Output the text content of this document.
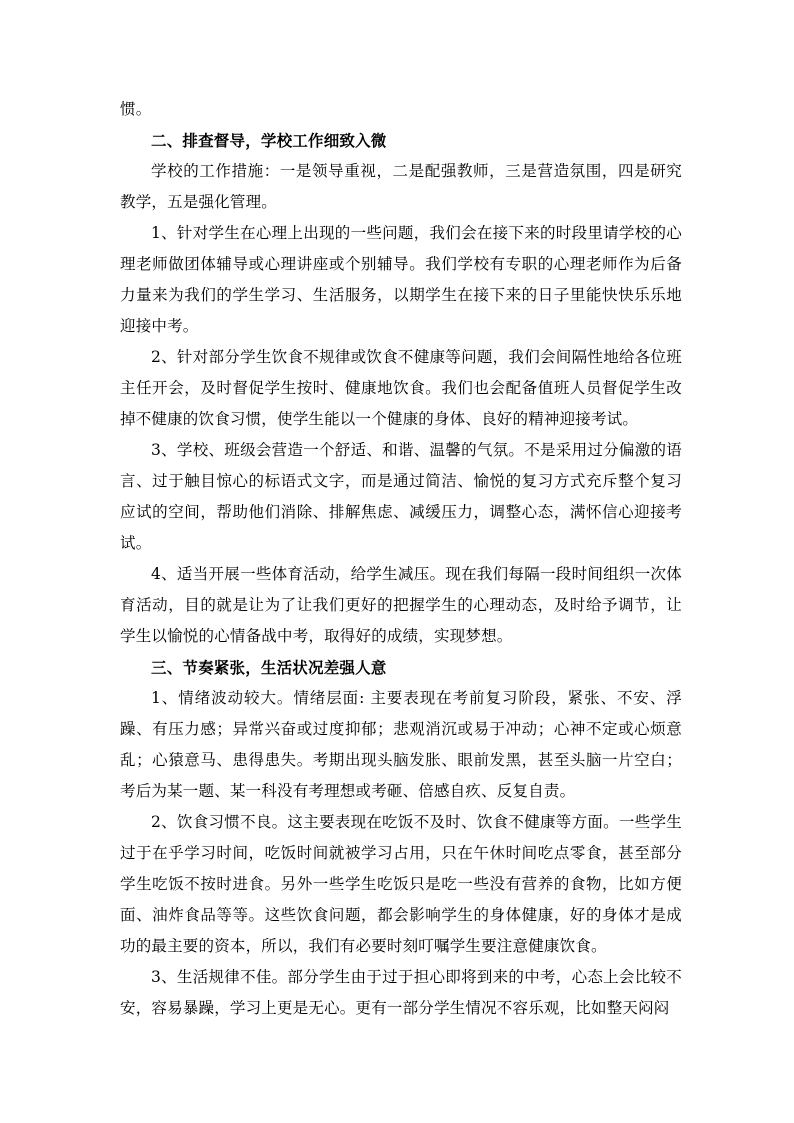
惯。

二、排查督导，学校工作细致入微

学校的工作措施：一是领导重视，二是配强教师，三是营造氛围，四是研究教学，五是强化管理。

1、针对学生在心理上出现的一些问题，我们会在接下来的时段里请学校的心理老师做团体辅导或心理讲座或个别辅导。我们学校有专职的心理老师作为后备力量来为我们的学生学习、生活服务，以期学生在接下来的日子里能快快乐乐地迎接中考。

2、针对部分学生饮食不规律或饮食不健康等问题，我们会间隔性地给各位班主任开会，及时督促学生按时、健康地饮食。我们也会配备值班人员督促学生改掉不健康的饮食习惯，使学生能以一个健康的身体、良好的精神迎接考试。

3、学校、班级会营造一个舒适、和谐、温馨的气氛。不是采用过分偏激的语言、过于触目惊心的标语式文字，而是通过简洁、愉悦的复习方式充斥整个复习应试的空间，帮助他们消除、排解焦虑、减缓压力，调整心态，满怀信心迎接考试。

4、适当开展一些体育活动，给学生减压。现在我们每隔一段时间组织一次体育活动，目的就是让为了让我们更好的把握学生的心理动态，及时给予调节，让学生以愉悦的心情备战中考，取得好的成绩，实现梦想。

三、节奏紧张，生活状况差强人意

1、情绪波动较大。情绪层面: 主要表现在考前复习阶段，紧张、不安、浮躁、有压力感；异常兴奋或过度抑郁；悲观消沉或易于冲动；心神不定或心烦意乱；心猿意马、患得患失。考期出现头脑发胀、眼前发黑，甚至头脑一片空白；考后为某一题、某一科没有考理想或考砸、倍感自疚、反复自责。

2、饮食习惯不良。这主要表现在吃饭不及时、饮食不健康等方面。一些学生过于在乎学习时间，吃饭时间就被学习占用，只在午休时间吃点零食，甚至部分学生吃饭不按时进食。另外一些学生吃饭只是吃一些没有营养的食物，比如方便面、油炸食品等等。这些饮食问题，都会影响学生的身体健康，好的身体才是成功的最主要的资本，所以，我们有必要时刻叮嘱学生要注意健康饮食。

3、生活规律不佳。部分学生由于过于担心即将到来的中考，心态上会比较不安，容易暴躁，学习上更是无心。更有一部分学生情况不容乐观，比如整天闷闷
